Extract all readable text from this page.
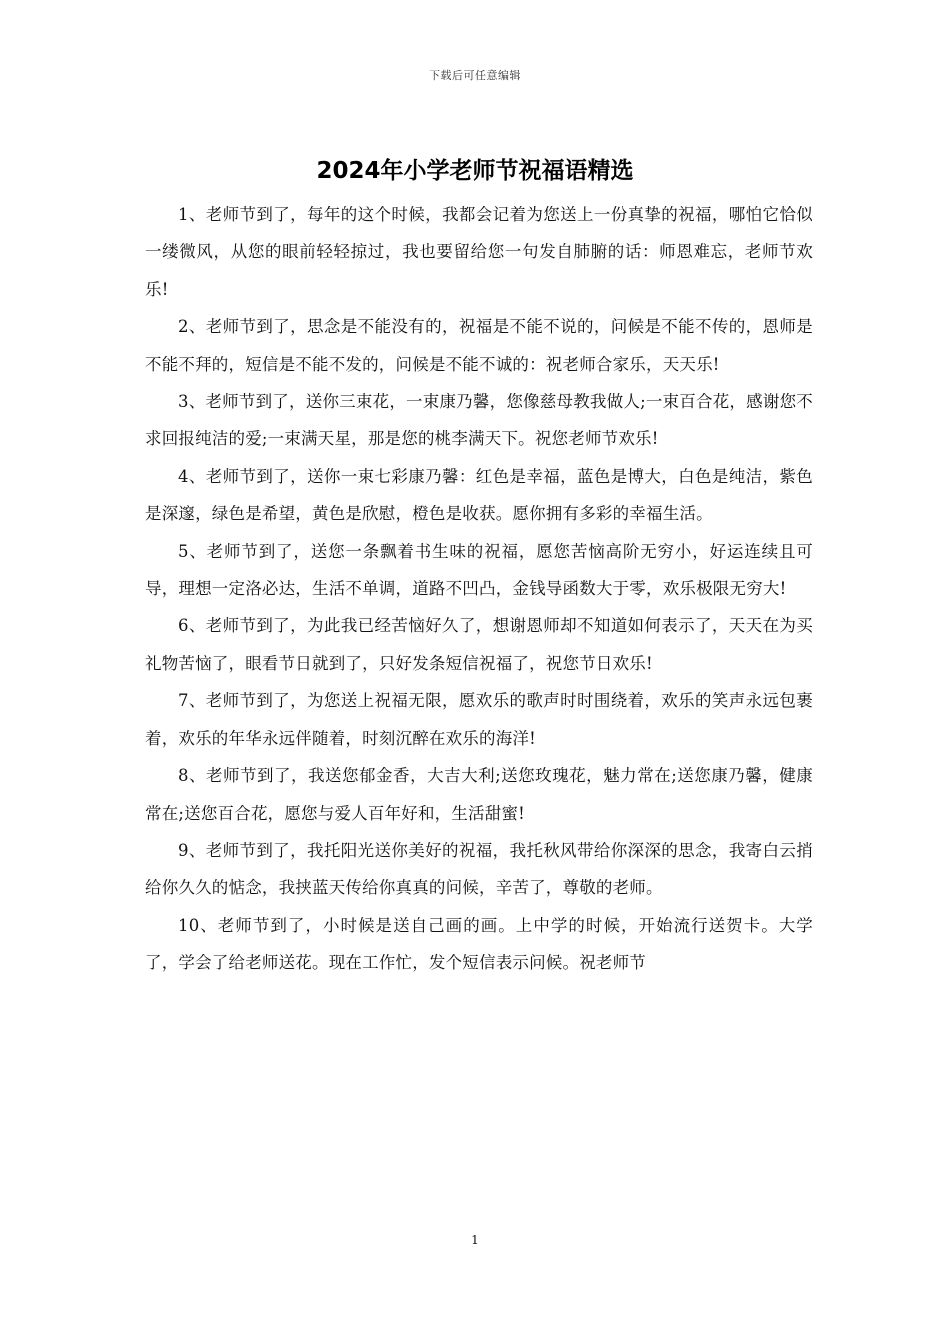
下载后可任意编辑
2024年小学老师节祝福语精选

1、老师节到了，每年的这个时候，我都会记着为您送上一份真挚的祝福，哪怕它恰似一缕微风，从您的眼前轻轻掠过，我也要留给您一句发自肺腑的话：师恩难忘，老师节欢乐!

2、老师节到了，思念是不能没有的，祝福是不能不说的，问候是不能不传的，恩师是不能不拜的，短信是不能不发的，问候是不能不诚的：祝老师合家乐，天天乐!

3、老师节到了，送你三束花，一束康乃馨，您像慈母教我做人;一束百合花，感谢您不求回报纯洁的爱;一束满天星，那是您的桃李满天下。祝您老师节欢乐!

4、老师节到了，送你一束七彩康乃馨：红色是幸福，蓝色是博大，白色是纯洁，紫色是深邃，绿色是希望，黄色是欣慰，橙色是收获。愿你拥有多彩的幸福生活。

5、老师节到了，送您一条飘着书生味的祝福，愿您苦恼高阶无穷小，好运连续且可导，理想一定洛必达，生活不单调，道路不凹凸，金钱导函数大于零，欢乐极限无穷大!

6、老师节到了，为此我已经苦恼好久了，想谢恩师却不知道如何表示了，天天在为买礼物苦恼了，眼看节日就到了，只好发条短信祝福了，祝您节日欢乐!

7、老师节到了，为您送上祝福无限，愿欢乐的歌声时时围绕着，欢乐的笑声永远包裹着，欢乐的年华永远伴随着，时刻沉醉在欢乐的海洋!

8、老师节到了，我送您郁金香，大吉大利;送您玫瑰花，魅力常在;送您康乃馨，健康常在;送您百合花，愿您与爱人百年好和，生活甜蜜!

9、老师节到了，我托阳光送你美好的祝福，我托秋风带给你深深的思念，我寄白云捎给你久久的惦念，我挟蓝天传给你真真的问候，辛苦了，尊敬的老师。

10、老师节到了，小时候是送自己画的画。上中学的时候，开始流行送贺卡。大学了，学会了给老师送花。现在工作忙，发个短信表示问候。祝老师节

1
